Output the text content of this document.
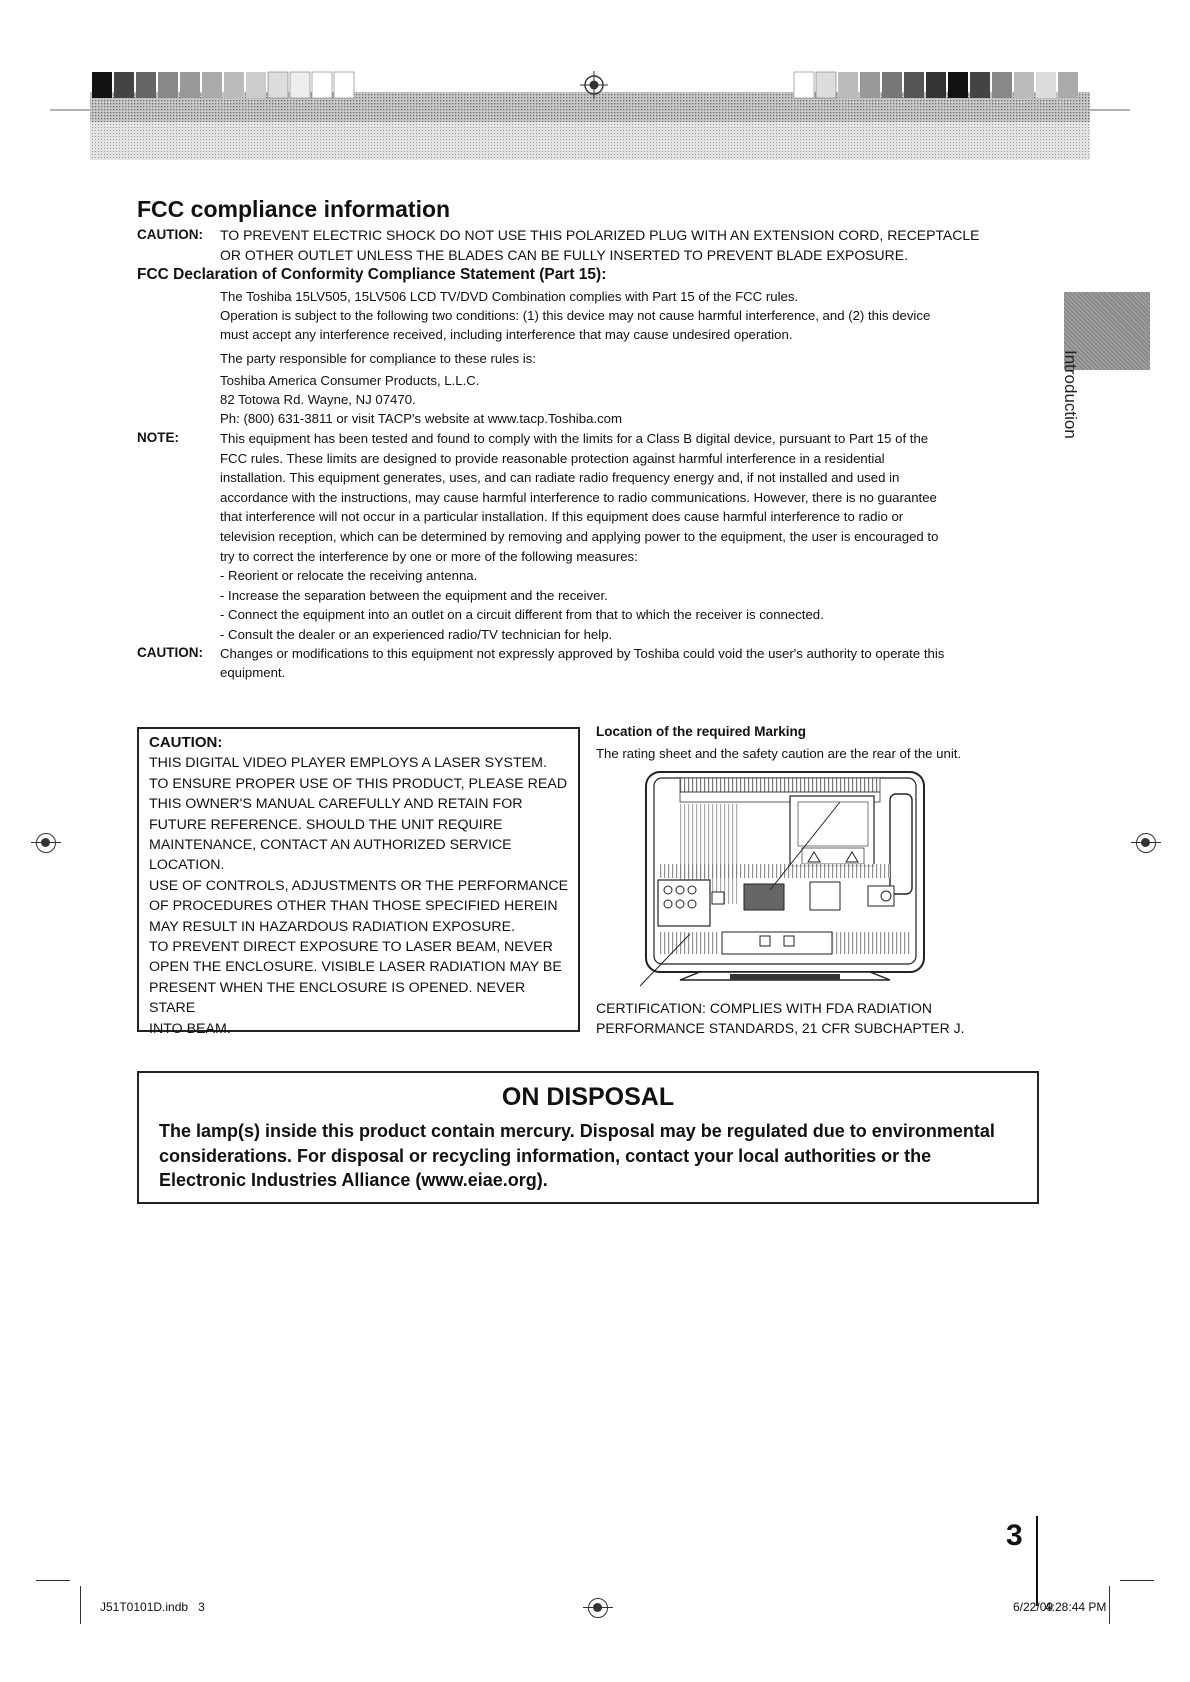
Introduction
FCC compliance information
CAUTION: TO PREVENT ELECTRIC SHOCK DO NOT USE THIS POLARIZED PLUG WITH AN EXTENSION CORD, RECEPTACLE
OR OTHER OUTLET UNLESS THE BLADES CAN BE FULLY INSERTED TO PREVENT BLADE EXPOSURE.
FCC Declaration of Conformity Compliance Statement (Part 15):
The Toshiba 15LV505, 15LV506 LCD TV/DVD Combination complies with Part 15 of the FCC rules.
Operation is subject to the following two conditions: (1) this device may not cause harmful interference, and (2) this device
must accept any interference received, including interference that may cause undesired operation.
The party responsible for compliance to these rules is:
Toshiba America Consumer Products, L.L.C.
82 Totowa Rd. Wayne, NJ 07470.
Ph: (800) 631-3811 or visit TACP's website at www.tacp.Toshiba.com
NOTE:	This equipment has been tested and found to comply with the limits for a Class B digital device, pursuant to Part 15 of the
FCC rules. These limits are designed to provide reasonable protection against harmful interference in a residential
installation. This equipment generates, uses, and can radiate radio frequency energy and, if not installed and used in
accordance with the instructions, may cause harmful interference to radio communications. However, there is no guarantee
that interference will not occur in a particular installation. If this equipment does cause harmful interference to radio or
television reception, which can be determined by removing and applying power to the equipment, the user is encouraged to
try to correct the interference by one or more of the following measures:
- Reorient or relocate the receiving antenna.
- Increase the separation between the equipment and the receiver.
- Connect the equipment into an outlet on a circuit different from that to which the receiver is connected.
- Consult the dealer or an experienced radio/TV technician for help.
CAUTION: Changes or modifications to this equipment not expressly approved by Toshiba could void the user's authority to operate this
equipment.
CAUTION:
THIS DIGITAL VIDEO PLAYER EMPLOYS A LASER SYSTEM.
TO ENSURE PROPER USE OF THIS PRODUCT, PLEASE READ
THIS OWNER'S MANUAL CAREFULLY AND RETAIN FOR
FUTURE REFERENCE. SHOULD THE UNIT REQUIRE
MAINTENANCE, CONTACT AN AUTHORIZED SERVICE
LOCATION.
USE OF CONTROLS, ADJUSTMENTS OR THE PERFORMANCE
OF PROCEDURES OTHER THAN THOSE SPECIFIED HEREIN
MAY RESULT IN HAZARDOUS RADIATION EXPOSURE.
TO PREVENT DIRECT EXPOSURE TO LASER BEAM, NEVER
OPEN THE ENCLOSURE. VISIBLE LASER RADIATION MAY BE
PRESENT WHEN THE ENCLOSURE IS OPENED. NEVER STARE
INTO BEAM.
Location of the required Marking
The rating sheet and the safety caution are the rear of the unit.
CERTIFICATION: COMPLIES WITH FDA RADIATION
PERFORMANCE STANDARDS, 21 CFR SUBCHAPTER J.
ON DISPOSAL
The lamp(s) inside this product contain mercury. Disposal may be regulated due to environmental
considerations. For disposal or recycling information, contact your local authorities or the
Electronic Industries Alliance (www.eiae.org).
3
J51T0101D.indb   3	6/22/09
4:28:44 PM
